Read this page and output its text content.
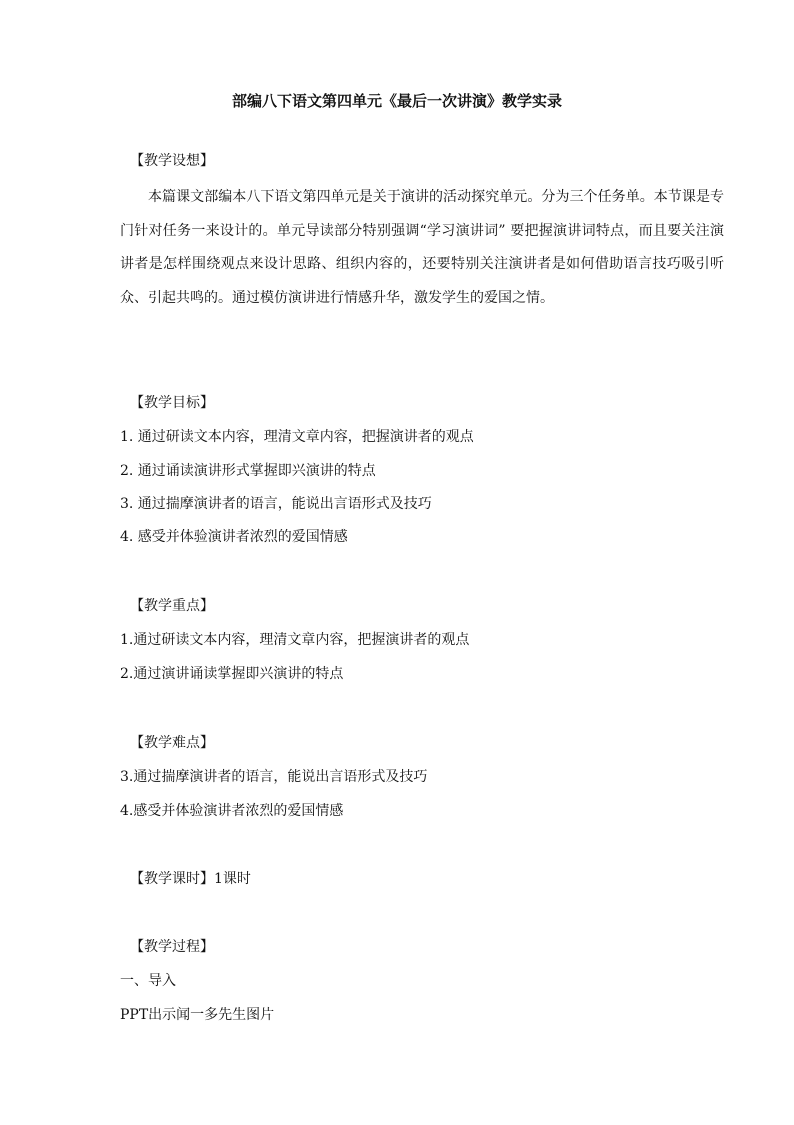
部编八下语文第四单元《最后一次讲演》教学实录
【教学设想】
本篇课文部编本八下语文第四单元是关于演讲的活动探究单元。分为三个任务单。本节课是专门针对任务一来设计的。单元导读部分特别强调“学习演讲词” 要把握演讲词特点，而且要关注演讲者是怎样围绕观点来设计思路、组织内容的，还要特别关注演讲者是如何借助语言技巧吸引听众、引起共鸣的。通过模仿演讲进行情感升华，激发学生的爱国之情。
【教学目标】
1. 通过研读文本内容，理清文章内容，把握演讲者的观点
2. 通过诵读演讲形式掌握即兴演讲的特点
3. 通过揣摩演讲者的语言，能说出言语形式及技巧
4. 感受并体验演讲者浓烈的爱国情感
【教学重点】
1.通过研读文本内容，理清文章内容，把握演讲者的观点
2.通过演讲诵读掌握即兴演讲的特点
【教学难点】
3.通过揣摩演讲者的语言，能说出言语形式及技巧
4.感受并体验演讲者浓烈的爱国情感
【教学课时】1课时
【教学过程】
一、导入
PPT出示闻一多先生图片
